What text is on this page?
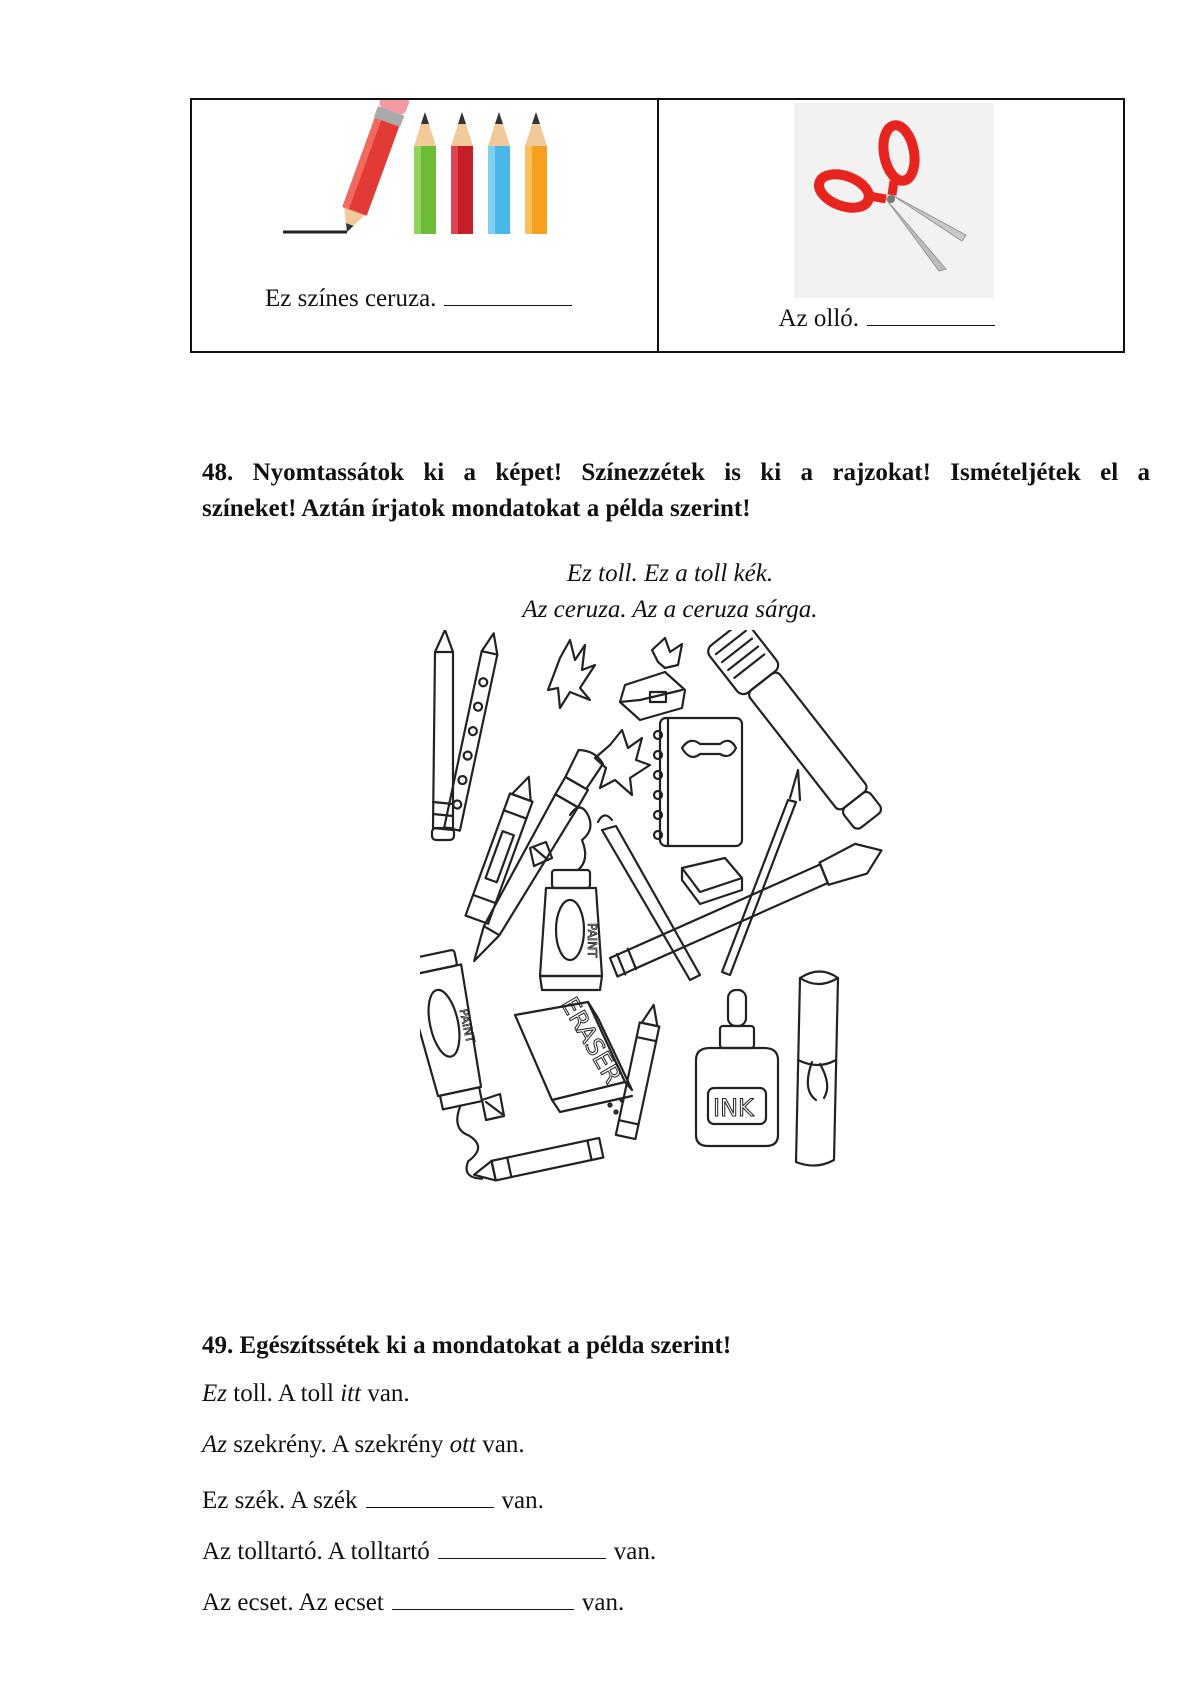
Ez színes ceruza.
Az olló.
48. Nyomtassátok ki a képet! Színezzétek is ki a rajzokat! Ismételjétek el a
színeket! Aztán írjatok mondatokat a példa szerint!
Ez toll. Ez a toll kék.
Az ceruza. Az a ceruza sárga.
PAINT
PAINT	ERASER
INK
49. Egészítssétek ki a mondatokat a példa szerint!
Ez toll. A toll itt van.
Az szekrény. A szekrény ott van.
Ez szék. A szék	van.
Az tolltartó. A tolltartó	van.
Az ecset. Az ecset	van.
